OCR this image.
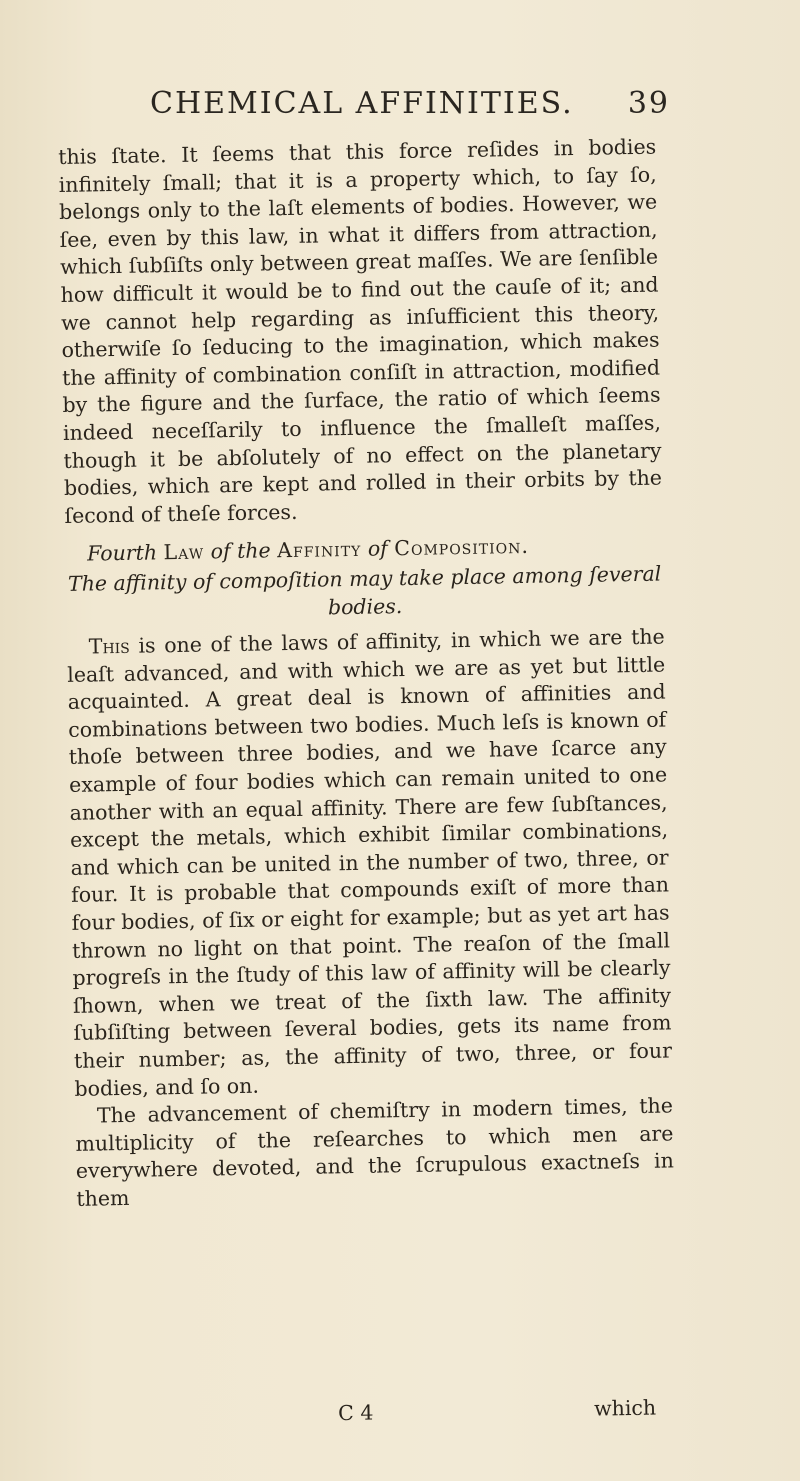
CHEMICAL AFFINITIES. 39

this ſtate. It ſeems that this force reſides in bodies infinitely ſmall; that it is a property which, to ſay ſo, belongs only to the laſt elements of bodies. However, we ſee, even by this law, in what it differs from attraction, which ſubſiſts only between great maſſes. We are ſenſible how difficult it would be to find out the cauſe of it; and we cannot help regarding as inſufficient this theory, otherwiſe ſo ſeducing to the imagination, which makes the affinity of combination conſiſt in attraction, modified by the figure and the ſurface, the ratio of which ſeems indeed neceſſarily to influence the ſmalleſt maſſes, though it be abſolutely of no effect on the planetary bodies, which are kept and rolled in their orbits by the ſecond of theſe forces.

Fourth Law of the Affinity of Composition.

The affinity of compoſition may take place among ſeveral bodies.

This is one of the laws of affinity, in which we are the leaſt advanced, and with which we are as yet but little acquainted. A great deal is known of affinities and combinations between two bodies. Much leſs is known of thoſe between three bodies, and we have ſcarce any example of four bodies which can remain united to one another with an equal affinity. There are few ſubſtances, except the metals, which exhibit ſimilar combinations, and which can be united in the number of two, three, or four. It is probable that compounds exiſt of more than four bodies, of ſix or eight for example; but as yet art has thrown no light on that point. The reaſon of the ſmall progreſs in the ſtudy of this law of affinity will be clearly ſhown, when we treat of the ſixth law. The affinity ſubſiſting between ſeveral bodies, gets its name from their number; as, the affinity of two, three, or four bodies, and ſo on.

The advancement of chemiſtry in modern times, the multiplicity of the reſearches to which men are everywhere devoted, and the ſcrupulous exactneſs in them

C 4	which
